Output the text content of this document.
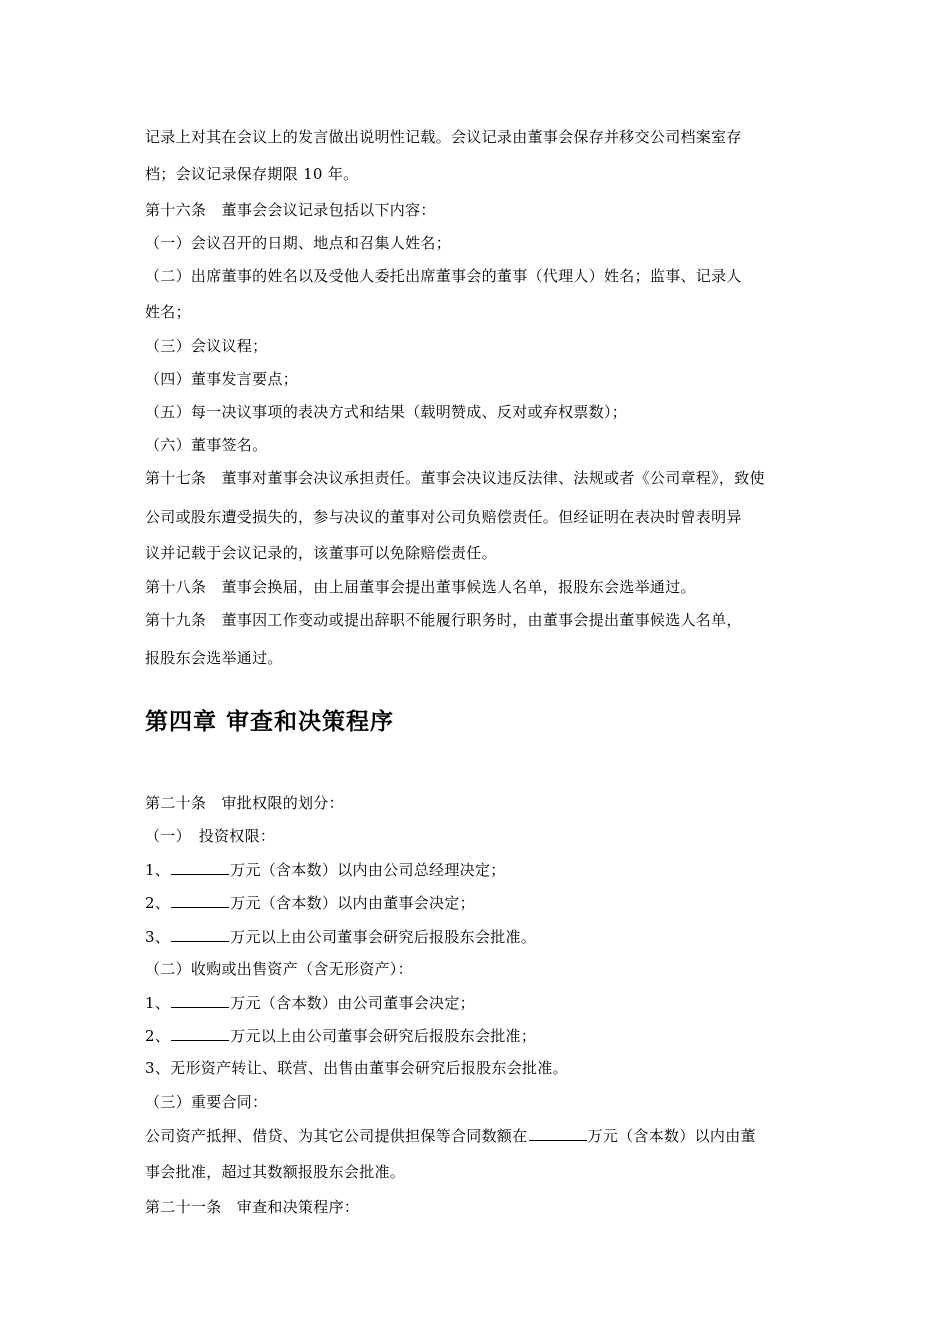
记录上对其在会议上的发言做出说明性记载。会议记录由董事会保存并移交公司档案室存
档；会议记录保存期限 10 年。
第十六条　董事会会议记录包括以下内容：
（一）会议召开的日期、地点和召集人姓名；
（二）出席董事的姓名以及受他人委托出席董事会的董事（代理人）姓名；监事、记录人
姓名；
（三）会议议程；
（四）董事发言要点；
（五）每一决议事项的表决方式和结果（载明赞成、反对或弃权票数）；
（六）董事签名。
第十七条　董事对董事会决议承担责任。董事会决议违反法律、法规或者《公司章程》，致使
公司或股东遭受损失的，参与决议的董事对公司负赔偿责任。但经证明在表决时曾表明异
议并记载于会议记录的，该董事可以免除赔偿责任。
第十八条　董事会换届，由上届董事会提出董事候选人名单，报股东会选举通过。
第十九条　董事因工作变动或提出辞职不能履行职务时，由董事会提出董事候选人名单，
报股东会选举通过。
第四章 审查和决策程序
第二十条　审批权限的划分：
（一）　投资权限：
1、	万元（含本数）以内由公司总经理决定；
2、	万元（含本数）以内由董事会决定；
3、	万元以上由公司董事会研究后报股东会批准。
（二）收购或出售资产（含无形资产）：
1、	万元（含本数）由公司董事会决定；
2、	万元以上由公司董事会研究后报股东会批准；
3、无形资产转让、联营、出售由董事会研究后报股东会批准。
（三）重要合同：
公司资产抵押、借贷、为其它公司提供担保等合同数额在	万元（含本数）以内由董
事会批准，超过其数额报股东会批准。
第二十一条　审查和决策程序：
